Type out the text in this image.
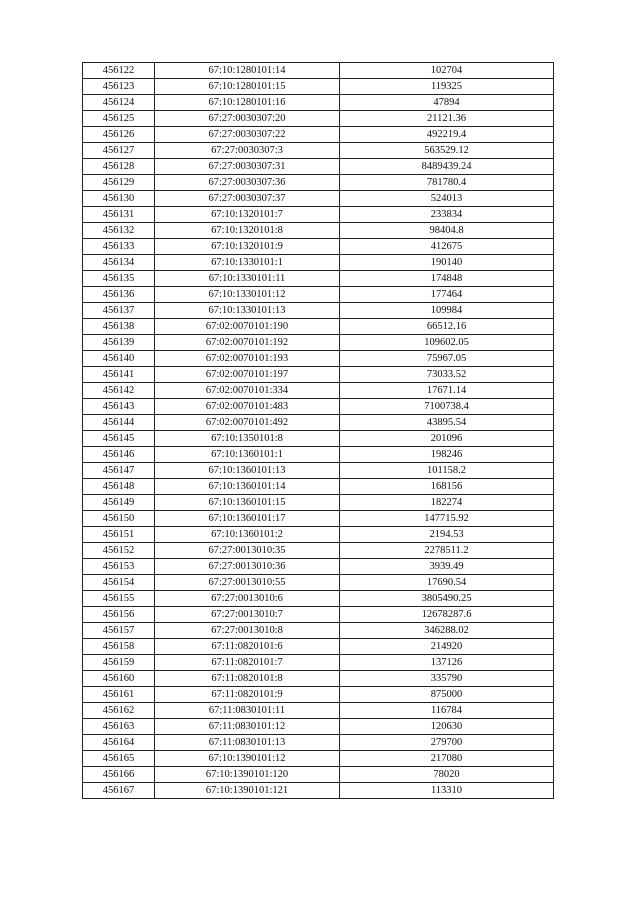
456122	67:10:1280101:14	102704
456123	67:10:1280101:15	119325
456124	67:10:1280101:16	47894
456125	67:27:0030307:20	21121.36
456126	67:27:0030307:22	492219.4
456127	67:27:0030307:3	563529.12
456128	67:27:0030307:31	8489439.24
456129	67:27:0030307:36	781780.4
456130	67:27:0030307:37	524013
456131	67:10:1320101:7	233834
456132	67:10:1320101:8	98404.8
456133	67:10:1320101:9	412675
456134	67:10:1330101:1	190140
456135	67:10:1330101:11	174848
456136	67:10:1330101:12	177464
456137	67:10:1330101:13	109984
456138	67:02:0070101:190	66512.16
456139	67:02:0070101:192	109602.05
456140	67:02:0070101:193	75967.05
456141	67:02:0070101:197	73033.52
456142	67:02:0070101:334	17671.14
456143	67:02:0070101:483	7100738.4
456144	67:02:0070101:492	43895.54
456145	67:10:1350101:8	201096
456146	67:10:1360101:1	198246
456147	67:10:1360101:13	101158.2
456148	67:10:1360101:14	168156
456149	67:10:1360101:15	182274
456150	67:10:1360101:17	147715.92
456151	67:10:1360101:2	2194.53
456152	67:27:0013010:35	2278511.2
456153	67:27:0013010:36	3939.49
456154	67:27:0013010:55	17690.54
456155	67:27:0013010:6	3805490.25
456156	67:27:0013010:7	12678287.6
456157	67:27:0013010:8	346288.02
456158	67:11:0820101:6	214920
456159	67:11:0820101:7	137126
456160	67:11:0820101:8	335790
456161	67:11:0820101:9	875000
456162	67:11:0830101:11	116784
456163	67:11:0830101:12	120630
456164	67:11:0830101:13	279700
456165	67:10:1390101:12	217080
456166	67:10:1390101:120	78020
456167	67:10:1390101:121	113310
